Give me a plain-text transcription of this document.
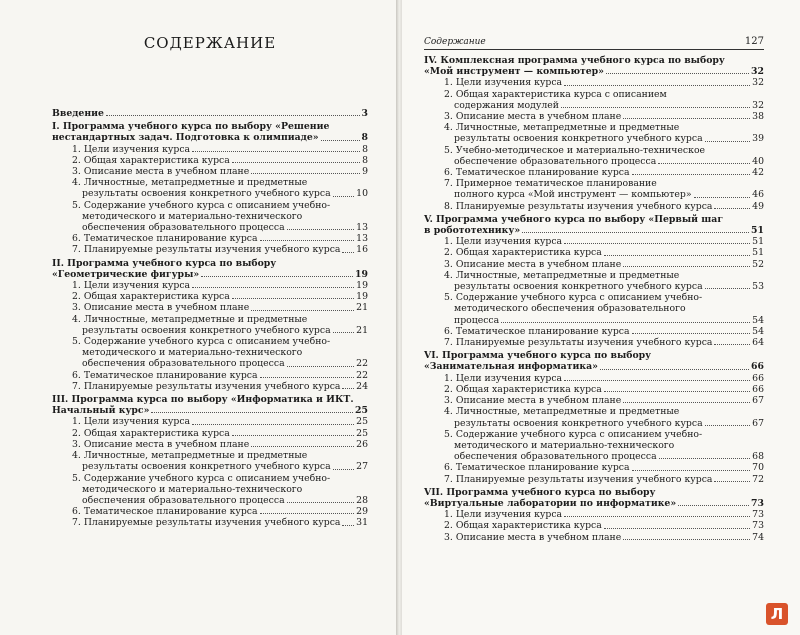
СОДЕРЖАНИЕ
Введение	3
I. Программа учебного курса по выбору «Решение
нестандартных задач. Подготовка к олимпиаде»	8
1. Цели изучения курса	8
2. Общая характеристика курса	8
3. Описание места в учебном плане	9
4. Личностные, метапредметные и предметные
результаты освоения конкретного учебного курса	10
5. Содержание учебного курса с описанием учебно-
методического и материально-технического
обеспечения образовательного процесса	13
6. Тематическое планирование курса	13
7. Планируемые результаты изучения учебного курса 16
II. Программа учебного курса по выбору
«Геометрические фигуры»	19
1. Цели изучения курса	19
2. Общая характеристика курса	19
3. Описание места в учебном плане	21
4. Личностные, метапредметные и предметные
результаты освоения конкретного учебного курса	21
5. Содержание учебного курса с описанием учебно-
методического и материально-технического
обеспечения образовательного процесса	22
6. Тематическое планирование курса	22
7. Планируемые результаты изучения учебного курса 24
III. Программа курса по выбору «Информатика и ИКТ.
Начальный курс»	25
1. Цели изучения курса	25
2. Общая характеристика курса	25
3. Описание места в учебном плане	26
4. Личностные, метапредметные и предметные
результаты освоения конкретного учебного курса	27
5. Содержание учебного курса с описанием учебно-
методического и материально-технического
обеспечения образовательного процесса	28
6. Тематическое планирование курса	29
7. Планируемые результаты изучения учебного курса 31
Содержание	127
IV. Комплексная программа учебного курса по выбору
«Мой инструмент — компьютер»	32
1. Цели изучения курса	32
2. Общая характеристика курса с описанием
содержания модулей	32
3. Описание места в учебном плане	38
4. Личностные, метапредметные и предметные
результаты освоения конкретного учебного курса	39
5. Учебно-методическое и материально-техническое
обеспечение образовательного процесса	40
6. Тематическое планирование курса	42
7. Примерное тематическое планирование
полного курса «Мой инструмент — компьютер»	46
8. Планируемые результаты изучения учебного курса	49
V. Программа учебного курса по выбору «Первый шаг
в робототехнику»	51
1. Цели изучения курса	51
2. Общая характеристика курса	51
3. Описание места в учебном плане	52
4. Личностные, метапредметные и предметные
результаты освоения конкретного учебного курса	53
5. Содержание учебного курса с описанием учебно-
методического обеспечения образовательного
процесса	54
6. Тематическое планирование курса	54
7. Планируемые результаты изучения учебного курса	64
VI. Программа учебного курса по выбору
«Занимательная информатика»	66
1. Цели изучения курса	66
2. Общая характеристика курса	66
3. Описание места в учебном плане	67
4. Личностные, метапредметные и предметные
результаты освоения конкретного учебного курса	67
5. Содержание учебного курса с описанием учебно-
методического и материально-технического
обеспечения образовательного процесса	68
6. Тематическое планирование курса	70
7. Планируемые результаты изучения учебного курса	72
VII. Программа учебного курса по выбору
«Виртуальные лаборатории по информатике»	73
1. Цели изучения курса	73
2. Общая характеристика курса	73
3. Описание места в учебном плане	74
Л
